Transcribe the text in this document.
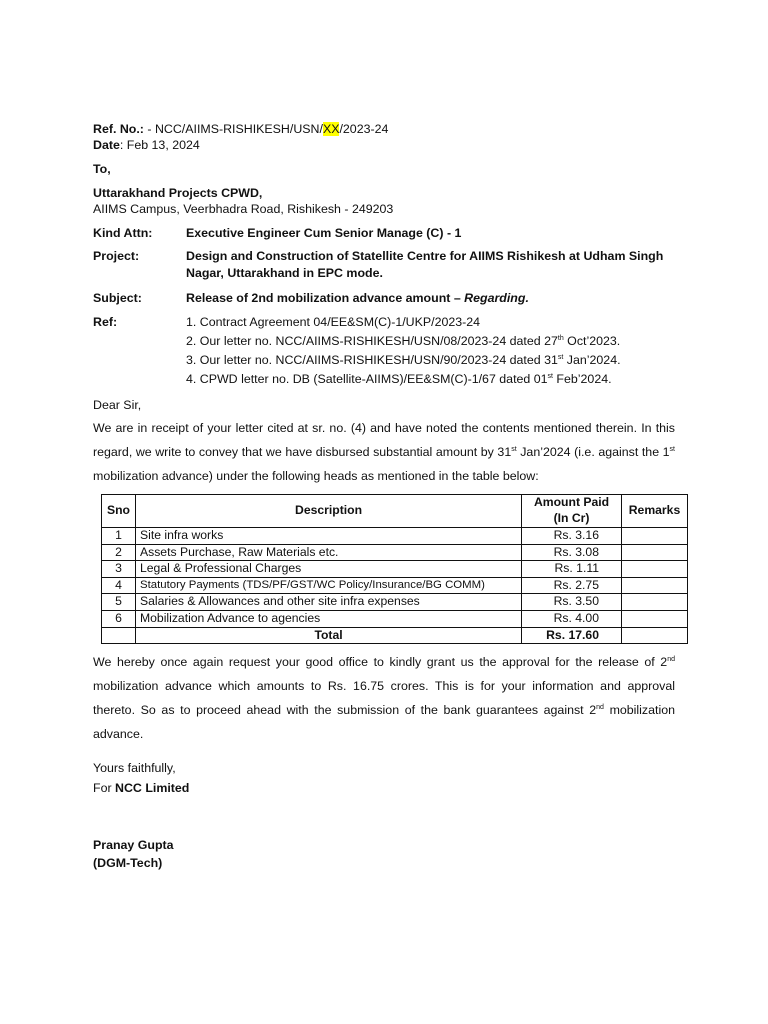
Ref. No.: - NCC/AIIMS-RISHIKESH/USN/XX/2023-24
Date: Feb 13, 2024
To,
Uttarakhand Projects CPWD,
AIIMS Campus, Veerbhadra Road, Rishikesh - 249203
Kind Attn:	Executive Engineer Cum Senior Manage (C) - 1
Project:	Design and Construction of Statellite Centre for AIIMS Rishikesh at Udham Singh Nagar, Uttarakhand in EPC mode.
Subject:	Release of 2nd mobilization advance amount – Regarding.
Ref:	1. Contract Agreement 04/EE&SM(C)-1/UKP/2023-24
2. Our letter no. NCC/AIIMS-RISHIKESH/USN/08/2023-24 dated 27th Oct’2023.
3. Our letter no. NCC/AIIMS-RISHIKESH/USN/90/2023-24 dated 31st Jan’2024.
4. CPWD letter no. DB (Satellite-AIIMS)/EE&SM(C)-1/67 dated 01st Feb’2024.
Dear Sir,
We are in receipt of your letter cited at sr. no. (4) and have noted the contents mentioned therein. In this regard, we write to convey that we have disbursed substantial amount by 31st Jan’2024 (i.e. against the 1st mobilization advance) under the following heads as mentioned in the table below:
Sno	Description	Amount Paid (In Cr)	Remarks
1	Site infra works	Rs. 3.16	
2	Assets Purchase, Raw Materials etc.	Rs. 3.08	
3	Legal & Professional Charges	Rs. 1.11	
4	Statutory Payments (TDS/PF/GST/WC Policy/Insurance/BG COMM)	Rs. 2.75	
5	Salaries & Allowances and other site infra expenses	Rs. 3.50	
6	Mobilization Advance to agencies	Rs. 4.00	
	Total	Rs. 17.60	
We hereby once again request your good office to kindly grant us the approval for the release of 2nd mobilization advance which amounts to Rs. 16.75 crores. This is for your information and approval thereto. So as to proceed ahead with the submission of the bank guarantees against 2nd mobilization advance.
Yours faithfully,
For NCC Limited
Pranay Gupta
(DGM-Tech)
